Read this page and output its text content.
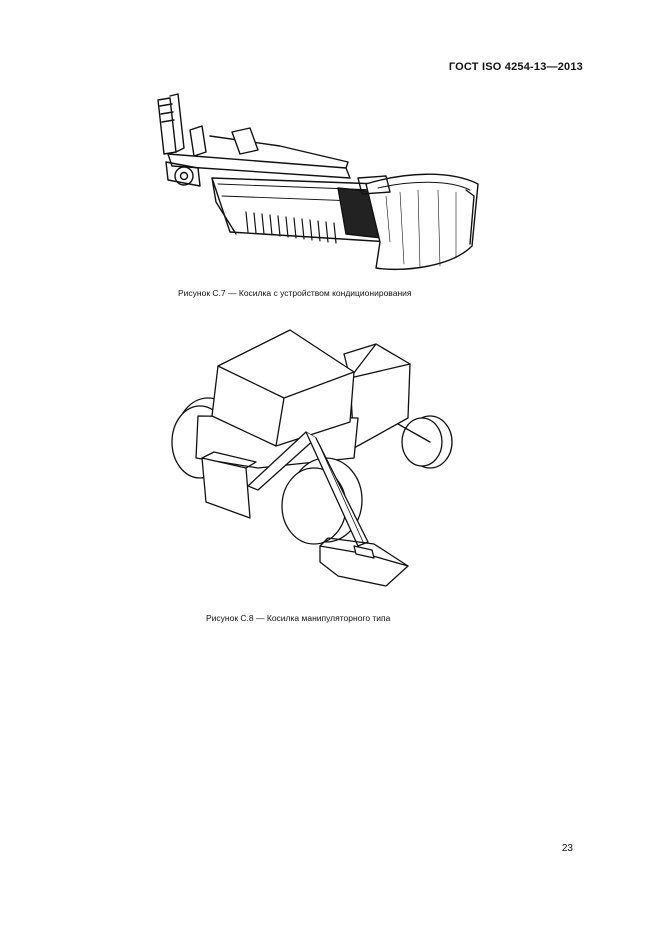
ГОСТ ISO 4254-13—2013
Рисунок С.7 — Косилка с устройством кондиционирования
Рисунок С.8 — Косилка манипуляторного типа
23
